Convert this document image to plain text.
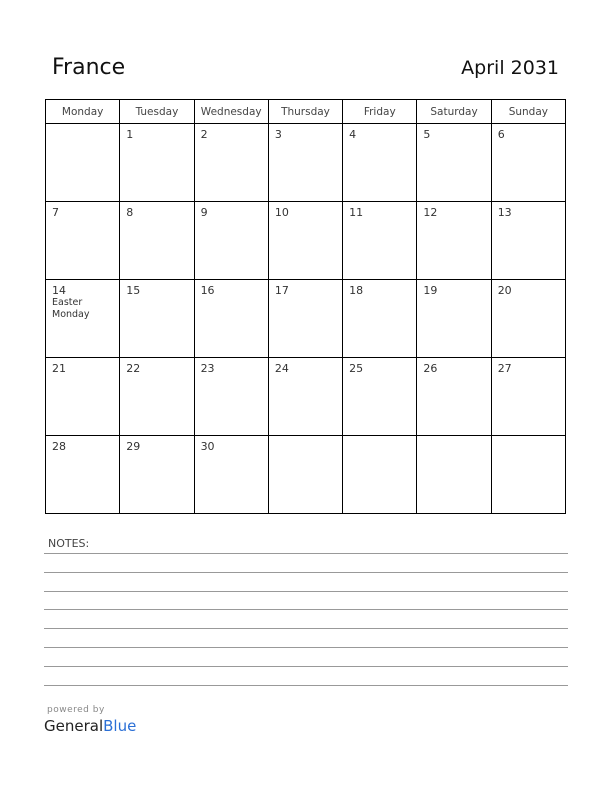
France	April 2031
Monday	Tuesday	Wednesday	Thursday	Friday	Saturday	Sunday

	1	2	3	4	5	6

7	8	9	10	11	12	13

14
Easter Monday	15	16	17	18	19	20

21	22	23	24	25	26	27

28	29	30				

NOTES:
powered by
GeneralBlue
